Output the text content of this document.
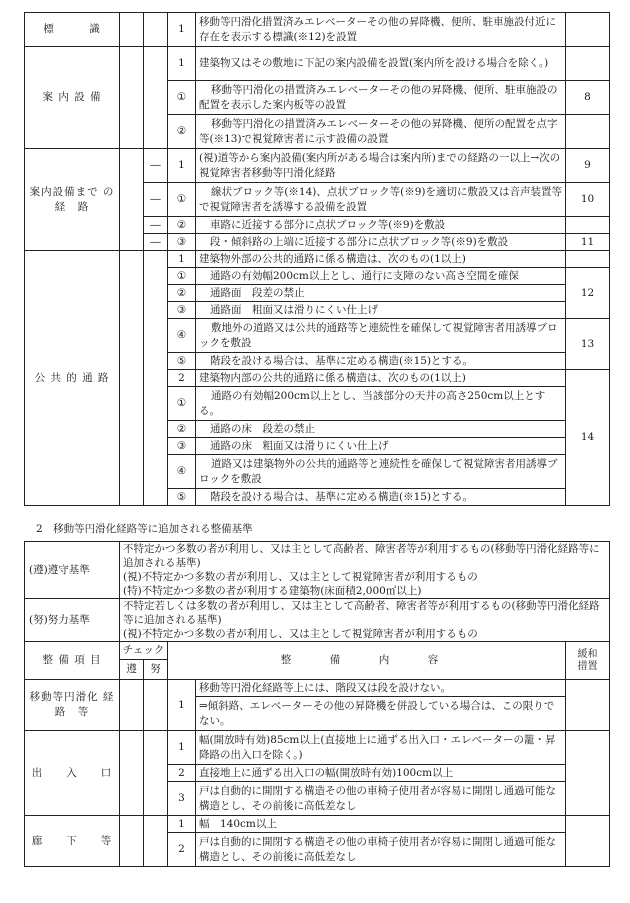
標　　　識			1	移動等円滑化措置済みエレベーターその他の昇降機、便所、駐車施設付近に存在を表示する標識(※12)を設置	
案 内 設 備			1	建築物又はその敷地に下記の案内設備を設置(案内所を設ける場合を除く。)	
			①	移動等円滑化の措置済みエレベーターその他の昇降機、便所、駐車施設の配置を表示した案内板等の設置	8
			②	移動等円滑化の措置済みエレベーターその他の昇降機、便所の配置を点字等(※13)で視覚障害者に示す設備の設置	
案内設備まで の　経　路		―	1	(視)道等から案内設備(案内所がある場合は案内所)までの経路の一以上→次の視覚障害者移動等円滑化経路	9
		―	①	線状ブロック等(※14)、点状ブロック等(※9)を適切に敷設又は音声装置等で視覚障害者を誘導する設備を設置	10
		―	②	車路に近接する部分に点状ブロック等(※9)を敷設	
		―	③	段・傾斜路の上端に近接する部分に点状ブロック等(※9)を敷設	11
公 共 的 通 路			1	建築物外部の公共的通路に係る構造は、次のもの(1以上)	
			①	通路の有効幅200cm以上とし、通行に支障のない高さ空間を確保	12
			②	通路面　段差の禁止	
			③	通路面　粗面又は滑りにくい仕上げ	
			④	敷地外の道路又は公共的通路等と連続性を確保して視覚障害者用誘導ブロックを敷設	13
			⑤	階段を設ける場合は、基準に定める構造(※15)とする。	
			2	建築物内部の公共的通路に係る構造は、次のもの(1以上)	14
			①	通路の有効幅200cm以上とし、当該部分の天井の高さ250cm以上とする。	
			②	通路の床　段差の禁止	
			③	通路の床　粗面又は滑りにくい仕上げ	
			④	道路又は建築物外の公共的通路等と連続性を確保して視覚障害者用誘導ブロックを敷設	
			⑤	階段を設ける場合は、基準に定める構造(※15)とする。	
2　移動等円滑化経路等に追加される整備基準
(遵)遵守基準	不特定かつ多数の者が利用し、又は主として高齢者、障害者等が利用するもの(移動等円滑化経路等に追加される基準)
(視)不特定かつ多数の者が利用し、又は主として視覚障害者が利用するもの
(特)不特定かつ多数の者が利用する建築物(床面積2,000㎡以上)				
(努)努力基準	不特定若しくは多数の者が利用し、又は主として高齢者、障害者等が利用するもの(移動等円滑化経路等に追加される基準)
(視)不特定かつ多数の者が利用し、又は主として視覚障害者が利用するもの				
整 備 項 目	チェック		整　備　内　容		緩和措置
	遵	努			
移動等円滑化 経　路　等			1	移動等円滑化経路等上には、階段又は段を設けない。	
				⇒傾斜路、エレベーターその他の昇降機を併設している場合は、この限りでない。	
出　　入　　口			1	幅(開放時有効)85cm以上(直接地上に通ずる出入口・エレベーターの籠・昇降路の出入口を除く。)	
			2	直接地上に通ずる出入口の幅(開放時有効)100cm以上	
			3	戸は自動的に開閉する構造その他の車椅子使用者が容易に開閉し通過可能な構造とし、その前後に高低差なし	
廊　　下　　等			1	幅　140cm以上	
			2	戸は自動的に開閉する構造その他の車椅子使用者が容易に開閉し通過可能な構造とし、その前後に高低差なし	
